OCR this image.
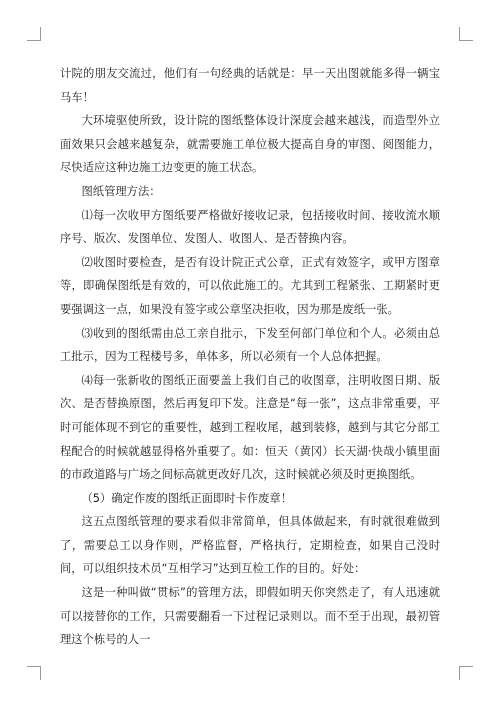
计院的朋友交流过，他们有一句经典的话就是：早一天出图就能多得一辆宝马车！

大环境驱使所致，设计院的图纸整体设计深度会越来越浅，而造型外立面效果只会越来越复杂，就需要施工单位极大提高自身的审图、阅图能力，尽快适应这种边施工边变更的施工状态。

图纸管理方法：

⑴每一次收甲方图纸要严格做好接收记录，包括接收时间、接收流水顺序号、版次、发图单位、发图人、收图人、是否替换内容。

⑵收图时要检查，是否有设计院正式公章，正式有效签字，或甲方图章等，即确保图纸是有效的，可以依此施工的。尤其到工程紧张、工期紧时更要强调这一点，如果没有签字或公章坚决拒收，因为那是废纸一张。

⑶收到的图纸需由总工亲自批示，下发至何部门单位和个人。必须由总工批示，因为工程楼号多，单体多，所以必须有一个人总体把握。

⑷每一张新收的图纸正面要盖上我们自己的收图章，注明收图日期、版次、是否替换原图，然后再复印下发。注意是“每一张”，这点非常重要，平时可能体现不到它的重要性，越到工程收尾，越到装修，越到与其它分部工程配合的时候就越显得格外重要了。如：恒天（黄冈）长天湖·快哉小镇里面的市政道路与广场之间标高就更改好几次，这时候就必须及时更换图纸。

（5）确定作废的图纸正面即时卡作废章！

这五点图纸管理的要求看似非常简单，但具体做起来，有时就很难做到了，需要总工以身作则，严格监督，严格执行，定期检查，如果自己没时间，可以组织技术员“互相学习”达到互检工作的目的。好处：

这是一种叫做“贯标”的管理方法，即假如明天你突然走了，有人迅速就可以接替你的工作，只需要翻看一下过程记录则以。而不至于出现，最初管理这个栋号的人一
